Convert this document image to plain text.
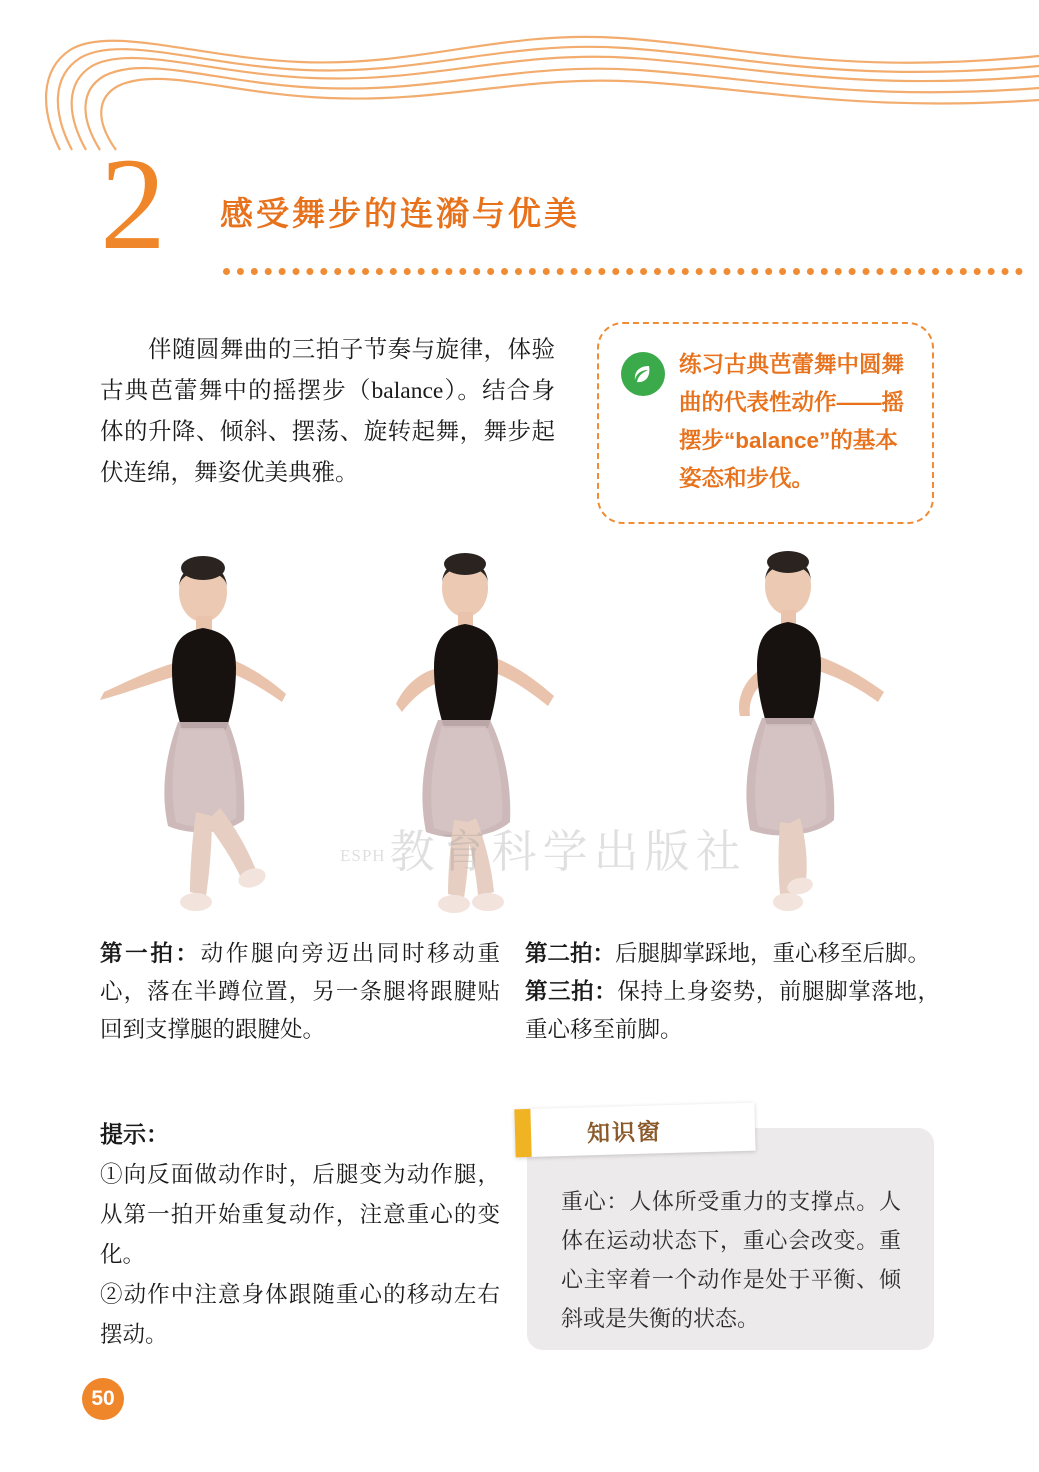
2 感受舞步的连漪与优美
伴随圆舞曲的三拍子节奏与旋律，体验古典芭蕾舞中的摇摆步（balance）。结合身体的升降、倾斜、摆荡、旋转起舞，舞步起伏连绵，舞姿优美典雅。
练习古典芭蕾舞中圆舞曲的代表性动作——摇摆步“balance”的基本姿态和步伐。
ESPH教育科学出版社
第一拍：动作腿向旁迈出同时移动重心，落在半蹲位置，另一条腿将跟腱贴回到支撑腿的跟腱处。
第二拍：后腿脚掌踩地，重心移至后脚。
第三拍：保持上身姿势，前腿脚掌落地，重心移至前脚。
提示：
①向反面做动作时，后腿变为动作腿，从第一拍开始重复动作，注意重心的变化。
②动作中注意身体跟随重心的移动左右摆动。
知识窗
重心：人体所受重力的支撑点。人体在运动状态下，重心会改变。重心主宰着一个动作是处于平衡、倾斜或是失衡的状态。
50
